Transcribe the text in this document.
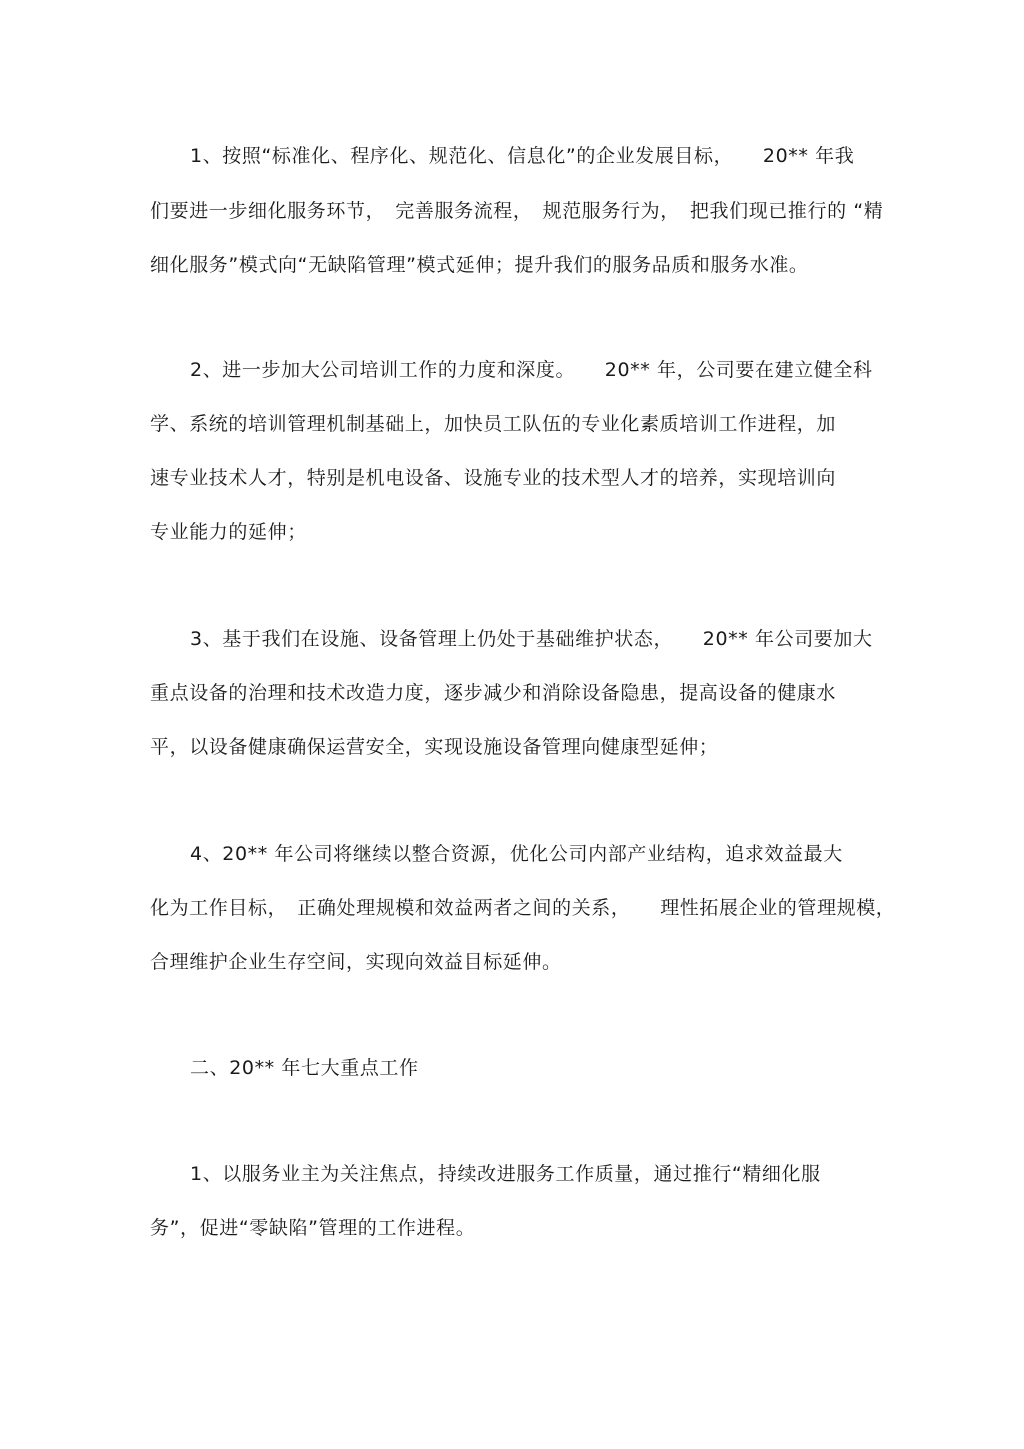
1、按照“标准化、程序化、规范化、信息化”的企业发展目标，　　20** 年我
们要进一步细化服务环节，　完善服务流程，　规范服务行为，　把我们现已推行的 “精
细化服务”模式向“无缺陷管理”模式延伸；提升我们的服务品质和服务水准。
2、进一步加大公司培训工作的力度和深度。　　20** 年，公司要在建立健全科
学、系统的培训管理机制基础上，加快员工队伍的专业化素质培训工作进程，加
速专业技术人才，特别是机电设备、设施专业的技术型人才的培养，实现培训向
专业能力的延伸；
3、基于我们在设施、设备管理上仍处于基础维护状态，　　20** 年公司要加大
重点设备的治理和技术改造力度，逐步减少和消除设备隐患，提高设备的健康水
平，以设备健康确保运营安全，实现设施设备管理向健康型延伸；
4、20** 年公司将继续以整合资源，优化公司内部产业结构，追求效益最大
化为工作目标，　正确处理规模和效益两者之间的关系，　　理性拓展企业的管理规模，
合理维护企业生存空间，实现向效益目标延伸。
二、20** 年七大重点工作
1、以服务业主为关注焦点，持续改进服务工作质量，通过推行“精细化服
务”，促进“零缺陷”管理的工作进程。
